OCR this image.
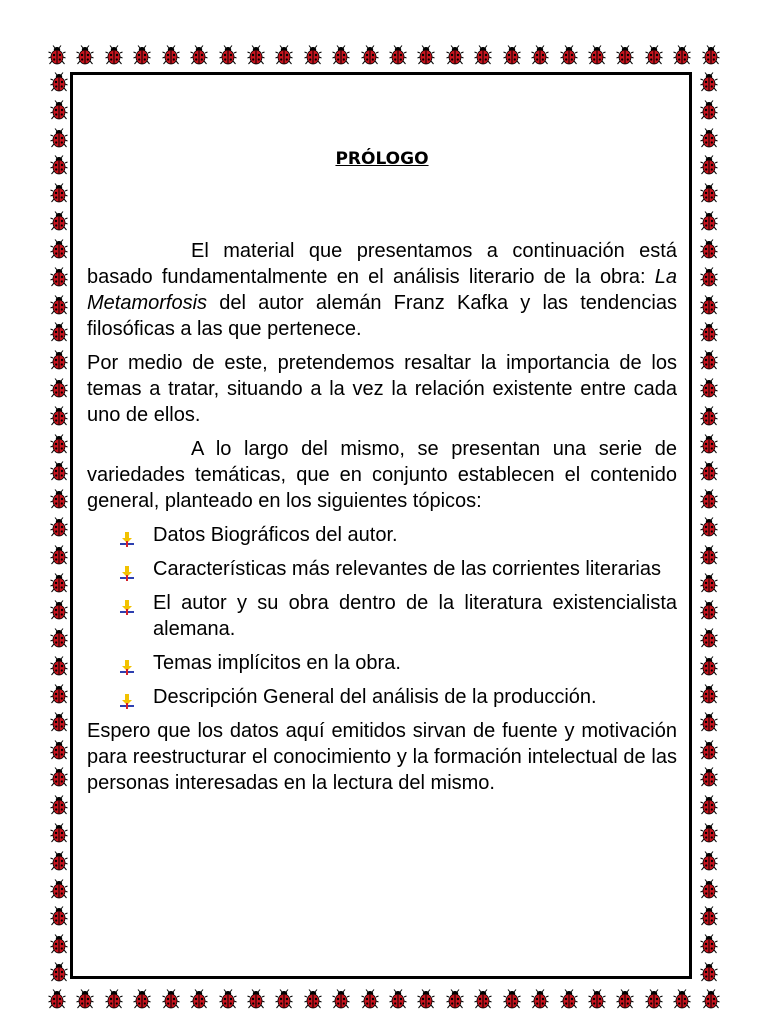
PRÓLOGO

El material que presentamos a continuación está basado fundamentalmente en el análisis literario de la obra: La Metamorfosis del autor alemán Franz Kafka y las tendencias filosóficas a las que pertenece.

Por medio de este, pretendemos resaltar la importancia de los temas a tratar, situando a la vez la relación existente entre cada uno de ellos.

A lo largo del mismo, se presentan una serie de variedades temáticas, que en conjunto establecen el contenido general, planteado en los siguientes tópicos:

Datos Biográficos del autor.
Características más relevantes de las corrientes literarias
El autor y su obra dentro de la literatura existencialista alemana.
Temas implícitos en la obra.
Descripción General del análisis de la producción.

Espero que los datos aquí emitidos sirvan de fuente y motivación para reestructurar el conocimiento y la formación intelectual de las personas interesadas en la lectura del mismo.
